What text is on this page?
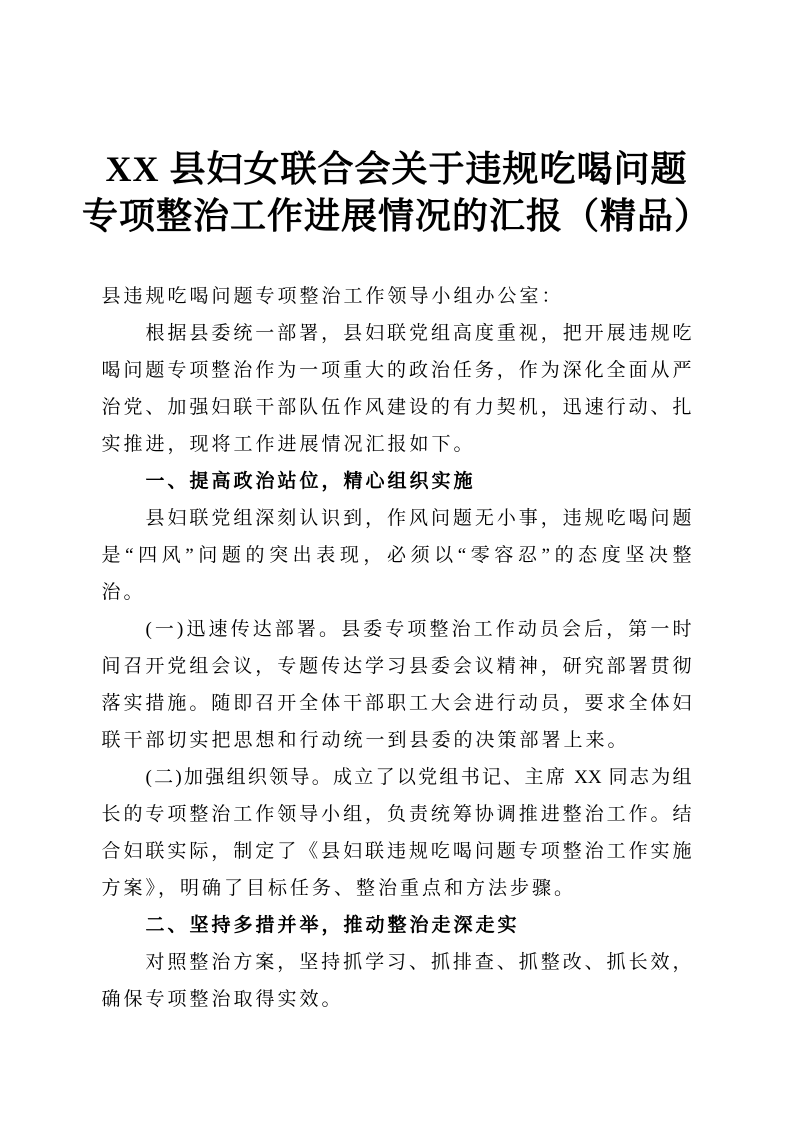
XX 县妇女联合会关于违规吃喝问题
专项整治工作进展情况的汇报（精品）

县违规吃喝问题专项整治工作领导小组办公室：

根据县委统一部署，县妇联党组高度重视，把开展违规吃

喝问题专项整治作为一项重大的政治任务，作为深化全面从严

治党、加强妇联干部队伍作风建设的有力契机，迅速行动、扎

实推进，现将工作进展情况汇报如下。

一、提高政治站位，精心组织实施

县妇联党组深刻认识到，作风问题无小事，违规吃喝问题

是“四风”问题的突出表现，必须以“零容忍”的态度坚决整

治。

(一)迅速传达部署。县委专项整治工作动员会后，第一时

间召开党组会议，专题传达学习县委会议精神，研究部署贯彻

落实措施。随即召开全体干部职工大会进行动员，要求全体妇

联干部切实把思想和行动统一到县委的决策部署上来。

(二)加强组织领导。成立了以党组书记、主席 XX 同志为组

长的专项整治工作领导小组，负责统筹协调推进整治工作。结

合妇联实际，制定了《县妇联违规吃喝问题专项整治工作实施

方案》，明确了目标任务、整治重点和方法步骤。

二、坚持多措并举，推动整治走深走实

对照整治方案，坚持抓学习、抓排查、抓整改、抓长效，

确保专项整治取得实效。
